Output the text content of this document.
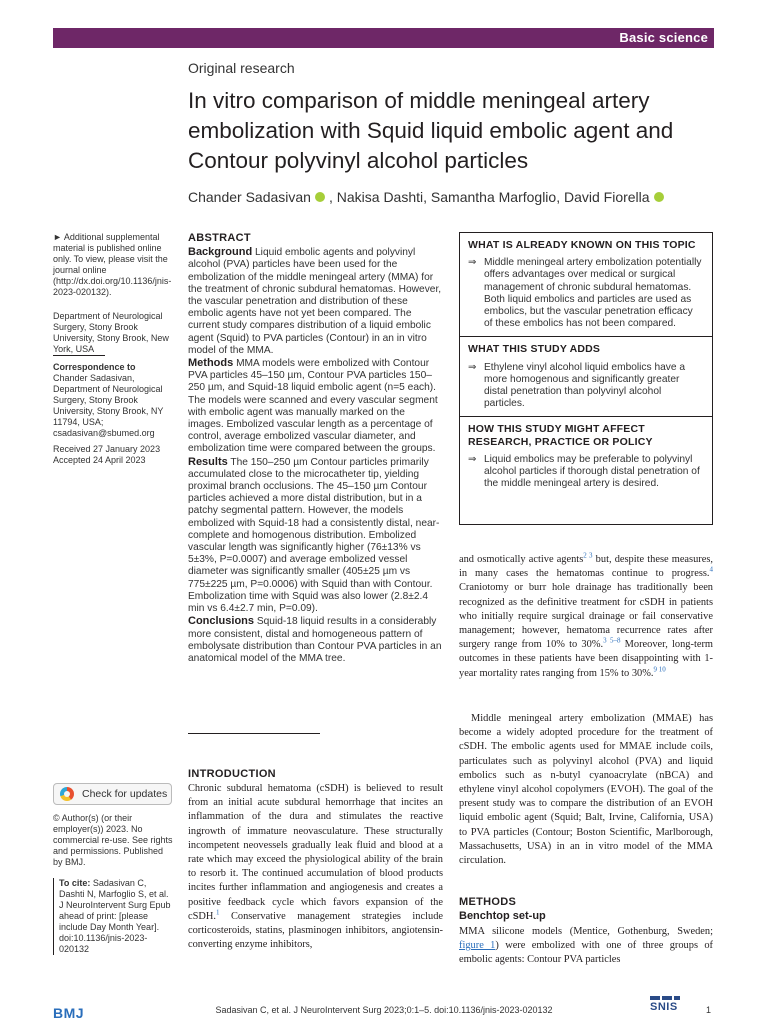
Basic science
Original research
In vitro comparison of middle meningeal artery embolization with Squid liquid embolic agent and Contour polyvinyl alcohol particles
Chander Sadasivan , Nakisa Dashti, Samantha Marfoglio, David Fiorella
► Additional supplemental material is published online only. To view, please visit the journal online (http://dx.doi.org/10.1136/jnis-2023-020132).
Department of Neurological Surgery, Stony Brook University, Stony Brook, New York, USA
Correspondence to
Chander Sadasivan, Department of Neurological Surgery, Stony Brook University, Stony Brook, NY 11794, USA; csadasivan@sbumed.org
Received 27 January 2023
Accepted 24 April 2023
Check for updates
© Author(s) (or their employer(s)) 2023. No commercial re-use. See rights and permissions. Published by BMJ.
To cite: Sadasivan C, Dashti N, Marfoglio S, et al. J NeuroIntervent Surg Epub ahead of print: [please include Day Month Year]. doi:10.1136/jnis-2023-020132
ABSTRACT

Background Liquid embolic agents and polyvinyl alcohol (PVA) particles have been used for the embolization of the middle meningeal artery (MMA) for the treatment of chronic subdural hematomas. However, the vascular penetration and distribution of these embolic agents have not yet been compared. The current study compares distribution of a liquid embolic agent (Squid) to PVA particles (Contour) in an in vitro model of the MMA.

Methods MMA models were embolized with Contour PVA particles 45–150 µm, Contour PVA particles 150–250 µm, and Squid-18 liquid embolic agent (n=5 each). The models were scanned and every vascular segment with embolic agent was manually marked on the images. Embolized vascular length as a percentage of control, average embolized vascular diameter, and embolization time were compared between the groups.

Results The 150–250 µm Contour particles primarily accumulated close to the microcatheter tip, yielding proximal branch occlusions. The 45–150 µm Contour particles achieved a more distal distribution, but in a patchy segmental pattern. However, the models embolized with Squid-18 had a consistently distal, near-complete and homogenous distribution. Embolized vascular length was significantly higher (76±13% vs 5±3%, P=0.0007) and average embolized vessel diameter was significantly smaller (405±25 µm vs 775±225 µm, P=0.0006) with Squid than with Contour. Embolization time with Squid was also lower (2.8±2.4 min vs 6.4±2.7 min, P=0.09).

Conclusions Squid-18 liquid results in a considerably more consistent, distal and homogeneous pattern of embolysate distribution than Contour PVA particles in an anatomical model of the MMA tree.

WHAT IS ALREADY KNOWN ON THIS TOPIC
⇒ Middle meningeal artery embolization potentially offers advantages over medical or surgical management of chronic subdural hematomas. Both liquid embolics and particles are used as embolics, but the vascular penetration efficacy of these embolics has not been compared.
WHAT THIS STUDY ADDS
⇒ Ethylene vinyl alcohol liquid embolics have a more homogenous and significantly greater distal penetration than polyvinyl alcohol particles.
HOW THIS STUDY MIGHT AFFECT RESEARCH, PRACTICE OR POLICY
⇒ Liquid embolics may be preferable to polyvinyl alcohol particles if thorough distal penetration of the middle meningeal artery is desired.
INTRODUCTION

Chronic subdural hematoma (cSDH) is believed to result from an initial acute subdural hemorrhage that incites an inflammation of the dura and stimulates the reactive ingrowth of immature neovasculature. These structurally incompetent neovessels gradually leak fluid and blood at a rate which may exceed the physiological ability of the brain to resorb it. The continued accumulation of blood products incites further inflammation and angiogenesis and creates a positive feedback cycle which favors expansion of the cSDH.$^1$ Conservative management strategies include corticosteroids, statins, plasminogen inhibitors, angiotensin-converting enzyme inhibitors,

and osmotically active agents$^{2 3}$ but, despite these measures, in many cases the hematomas continue to progress.$^4$ Craniotomy or burr hole drainage has traditionally been recognized as the definitive treatment for cSDH in patients who initially require surgical drainage or fail conservative management; however, hematoma recurrence rates after surgery range from 10% to 30%.$^{3 5-8}$ Moreover, long-term outcomes in these patients have been disappointing with 1-year mortality rates ranging from 15% to 30%.$^{9 10}$

Middle meningeal artery embolization (MMAE) has become a widely adopted procedure for the treatment of cSDH. The embolic agents used for MMAE include coils, particulates such as polyvinyl alcohol (PVA) and liquid embolics such as n-butyl cyanoacrylate (nBCA) and ethylene vinyl alcohol copolymers (EVOH). The goal of the present study was to compare the distribution of an EVOH liquid embolic agent (Squid; Balt, Irvine, California, USA) to PVA particles (Contour; Boston Scientific, Marlborough, Massachusetts, USA) in an in vitro model of the MMA circulation.

METHODS
Benchtop set-up

MMA silicone models (Mentice, Gothenburg, Sweden; figure 1) were embolized with one of three groups of embolic agents: Contour PVA particles

BMJ	Sadasivan C, et al. J NeuroIntervent Surg 2023;0:1–5. doi:10.1136/jnis-2023-020132	SNIS	1
